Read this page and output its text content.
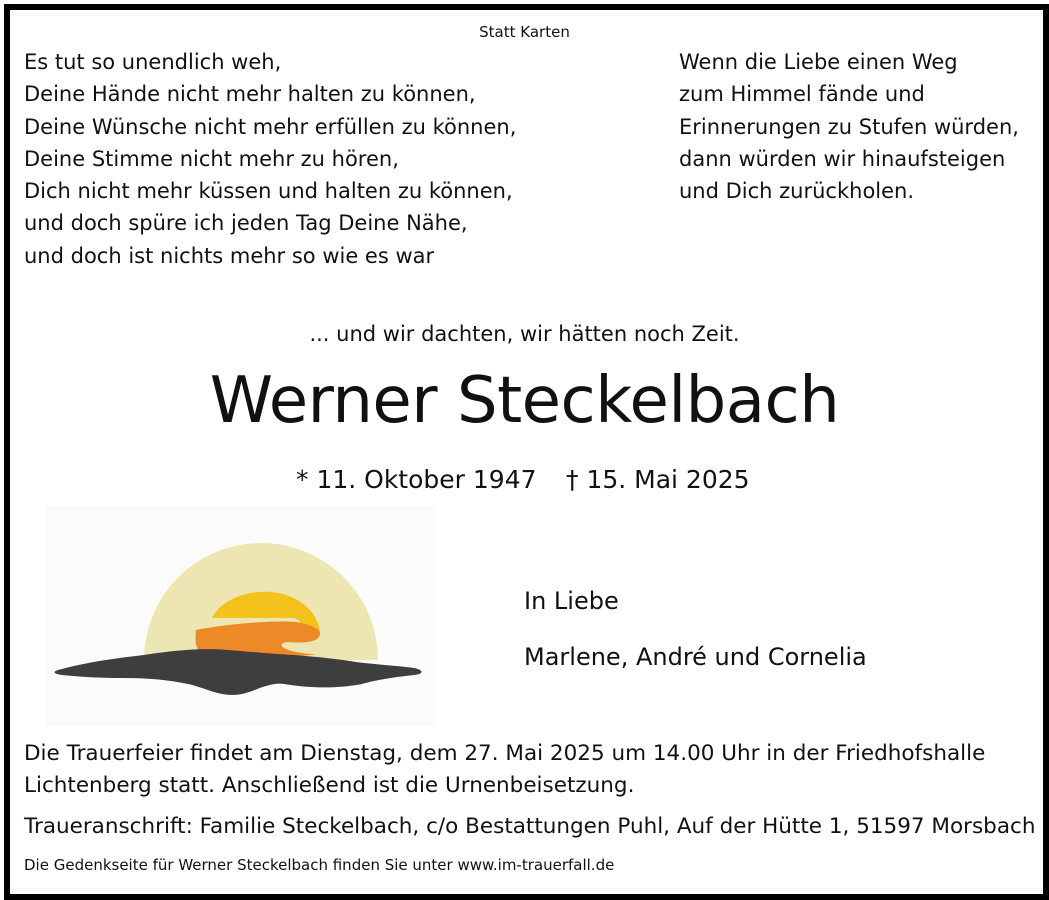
Statt Karten
Es tut so unendlich weh,
Deine Hände nicht mehr halten zu können,
Deine Wünsche nicht mehr erfüllen zu können,
Deine Stimme nicht mehr zu hören,
Dich nicht mehr küssen und halten zu können,
und doch spüre ich jeden Tag Deine Nähe,
und doch ist nichts mehr so wie es war
Wenn die Liebe einen Weg
zum Himmel fände und
Erinnerungen zu Stufen würden,
dann würden wir hinaufsteigen
und Dich zurückholen.
... und wir dachten, wir hätten noch Zeit.
Werner Steckelbach
* 11. Oktober 1947 † 15. Mai 2025
In Liebe
Marlene, André und Cornelia
Die Trauerfeier findet am Dienstag, dem 27. Mai 2025 um 14.00 Uhr in der Friedhofshalle
Lichtenberg statt. Anschließend ist die Urnenbeisetzung.
Traueranschrift: Familie Steckelbach, c/o Bestattungen Puhl, Auf der Hütte 1, 51597 Morsbach
Die Gedenkseite für Werner Steckelbach finden Sie unter www.im-trauerfall.de
